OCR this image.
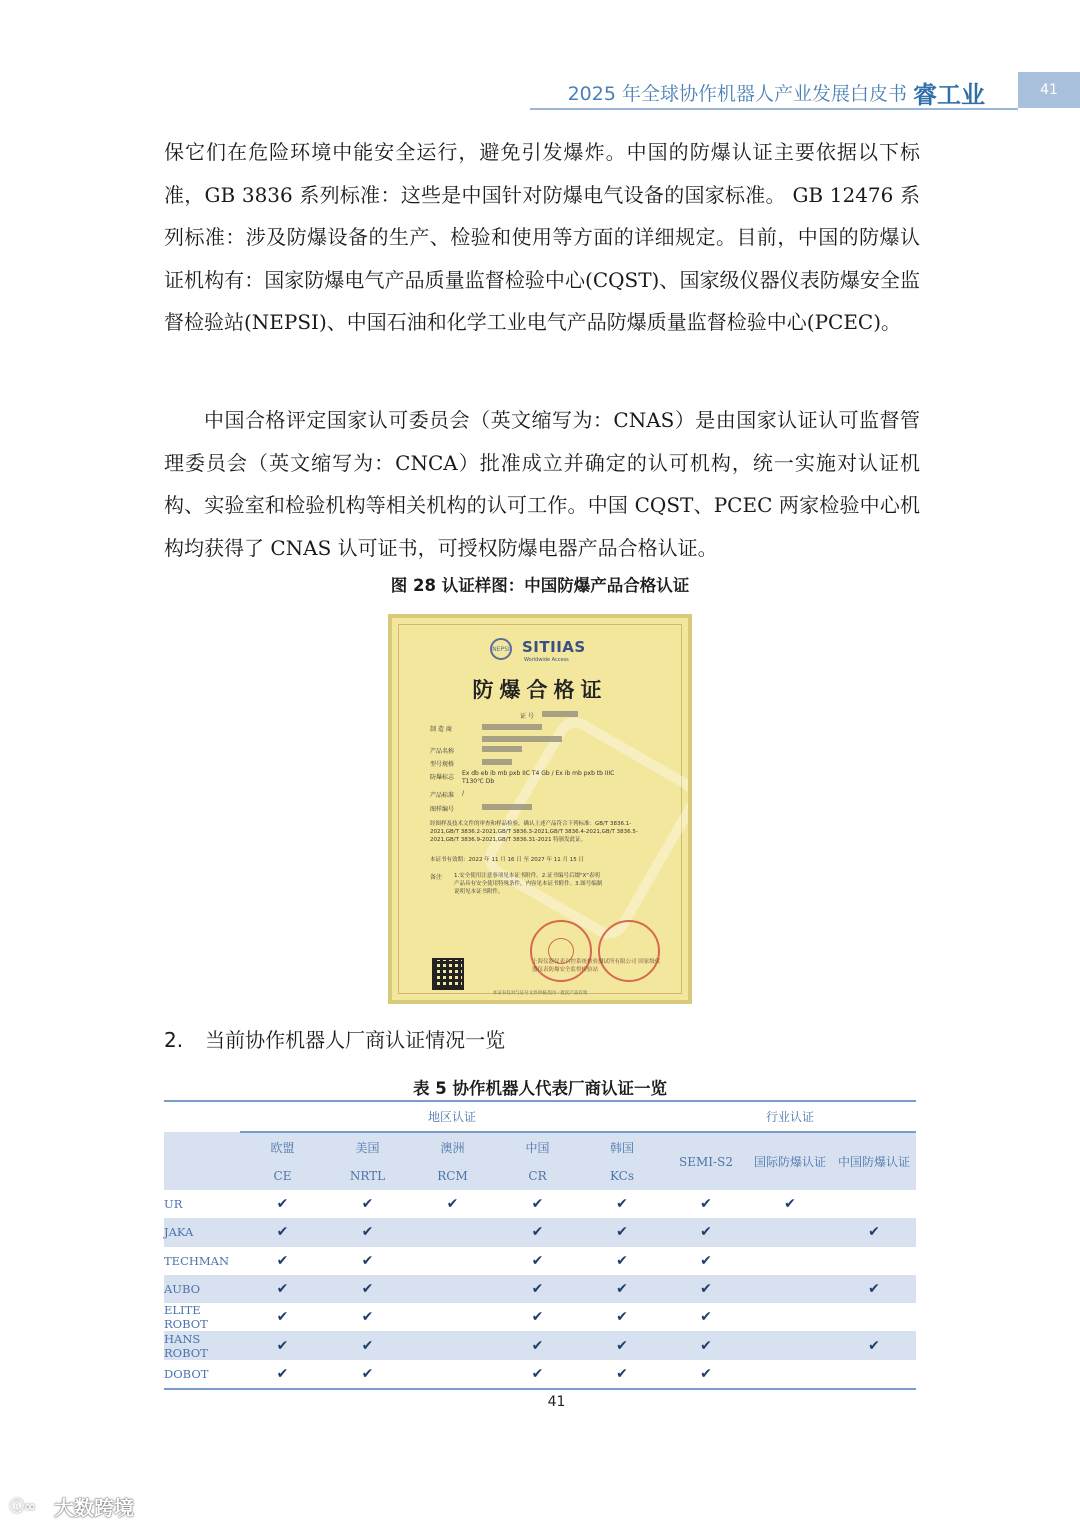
2025 年全球协作机器人产业发展白皮书 睿工业	41

保它们在危险环境中能安全运行，避免引发爆炸。中国的防爆认证主要依据以下标准，GB 3836 系列标准：这些是中国针对防爆电气设备的国家标准。 GB 12476 系列标准：涉及防爆设备的生产、检验和使用等方面的详细规定。目前，中国的防爆认证机构有：国家防爆电气产品质量监督检验中心(CQST)、国家级仪器仪表防爆安全监督检验站(NEPSI)、中国石油和化学工业电气产品防爆质量监督检验中心(PCEC)。

中国合格评定国家认可委员会（英文缩写为：CNAS）是由国家认证认可监督管理委员会（英文缩写为：CNCA）批准成立并确定的认可机构，统一实施对认证机构、实验室和检验机构等相关机构的认可工作。中国 CQST、PCEC 两家检验中心机构均获得了 CNAS 认可证书，可授权防爆电器产品合格认证。

图 28 认证样图：中国防爆产品合格认证
NEPSI SITIIAS
Worldwide Access
防爆合格证
证 号
制 造 商
产品名称
型号规格
防爆标志
Ex db eb ib mb pxb IIC T4 Gb / Ex ib mb pxb tb IIIC T130℃ Db
产品标准 /
图样编号
经图样及技术文件的审查和样品检验，确认上述产品符合下列标准：GB/T 3836.1-2021,GB/T 3836.2-2021,GB/T 3836.3-2021,GB/T 3836.4-2021,GB/T 3836.5-2021,GB/T 3836.9-2021,GB/T 3836.31-2021 特颁发此证。
本证书有效期：2022 年 11 月 16 日 至 2027 年 11 月 15 日
备注 1.安全使用注意事项见本证书附件。2.证书编号后缀"X"表明产品具有安全使用特殊条件，内容见本证书附件。3.图号编制说明见本证书附件。
上海仪器仪表自控系统检验测试所有限公司 国家级仪器仪表防爆安全监督检验站
本证书仅对与证号文件审核及同一批次产品有效
2. 当前协作机器人厂商认证情况一览
表 5 协作机器人代表厂商认证一览
	地区认证					行业认证		
	欧盟	美国	澳洲	中国	韩国	SEMI-S2	国际防爆认证	中国防爆认证
	CE	NRTL	RCM	CR	KCs			
UR	✔	✔	✔	✔	✔	✔	✔	
JAKA	✔	✔		✔	✔	✔		✔
TECHMAN	✔	✔		✔	✔	✔		
AUBO	✔	✔		✔	✔	✔		✔
ELITE ROBOT	✔	✔		✔	✔	✔		
HANS ROBOT	✔	✔		✔	✔	✔		✔
DOBOT	✔	✔		✔	✔	✔		
41
ⓘ∞ 大数跨境
